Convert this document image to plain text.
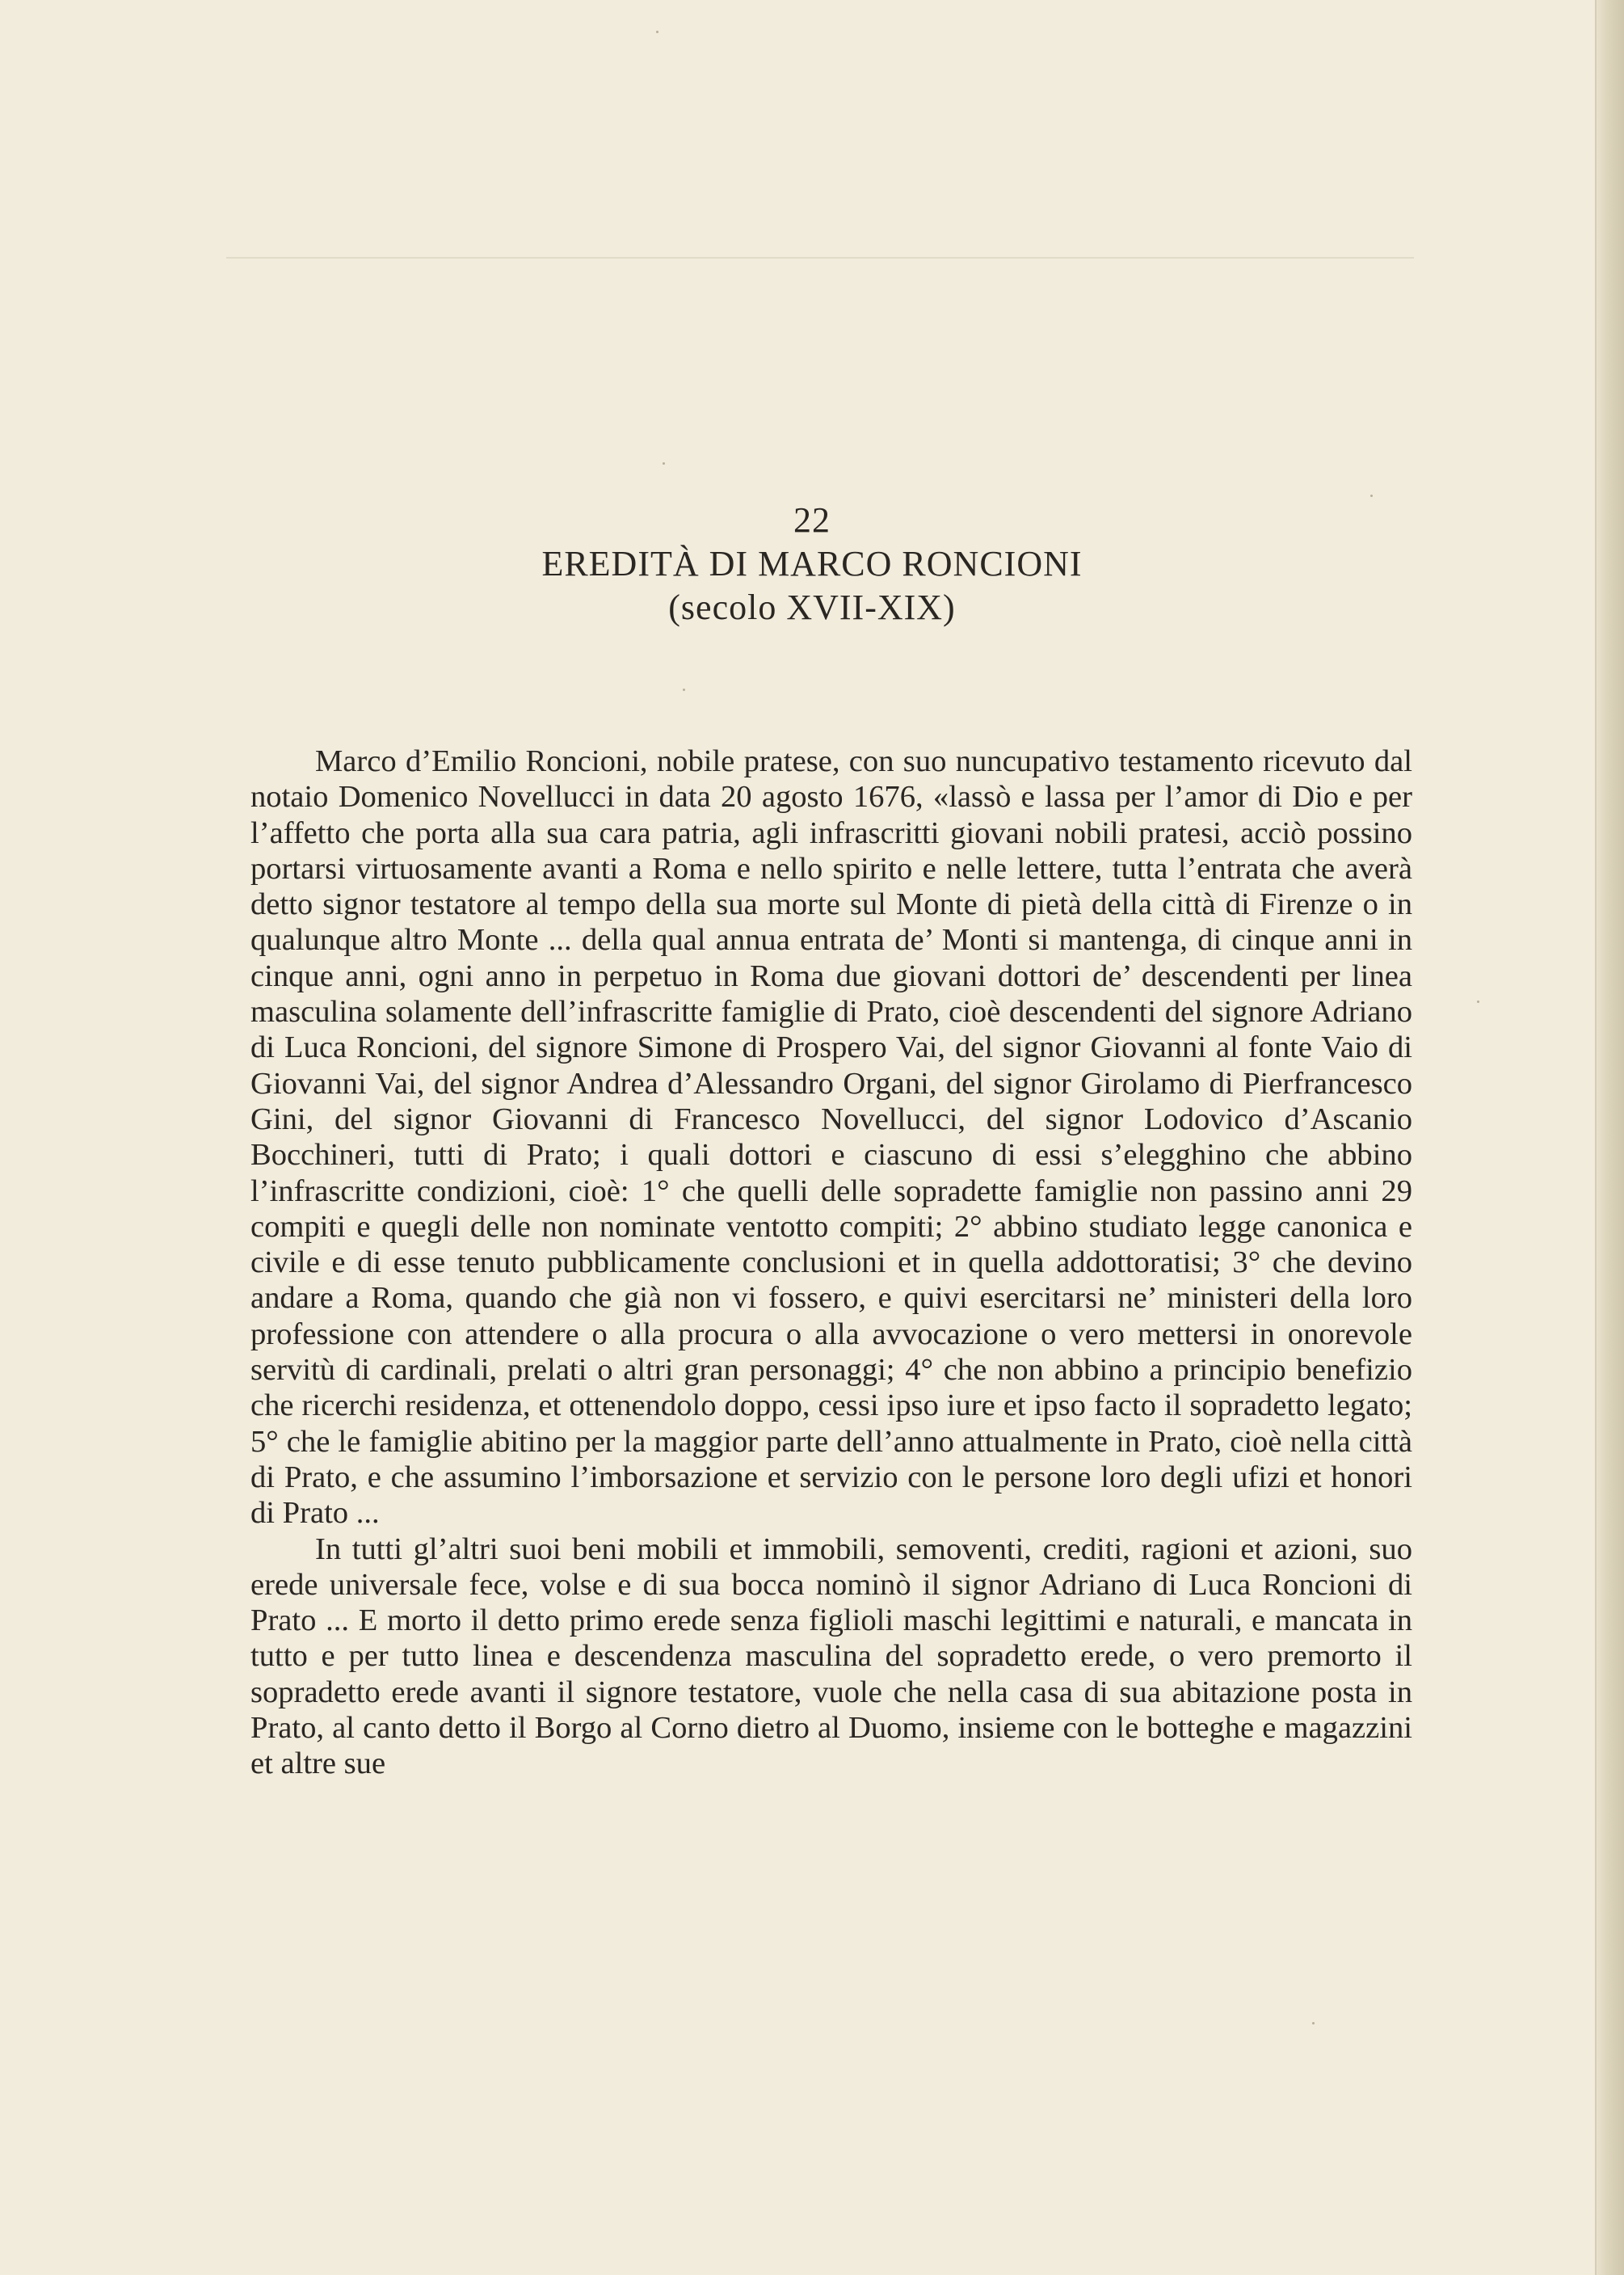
22
EREDITÀ DI MARCO RONCIONI
(secolo XVII-XIX)

Marco d’Emilio Roncioni, nobile pratese, con suo nuncupativo testamento ricevuto dal notaio Domenico Novellucci in data 20 agosto 1676, «lassò e lassa per l’amor di Dio e per l’affetto che porta alla sua cara patria, agli infrascritti giovani nobili pratesi, acciò possino portarsi virtuosamente avanti a Roma e nello spirito e nelle lettere, tutta l’entrata che averà detto signor testatore al tempo della sua morte sul Monte di pietà della città di Firenze o in qualunque altro Monte ... della qual annua entrata de’ Monti si mantenga, di cinque anni in cinque anni, ogni anno in perpetuo in Roma due giovani dottori de’ descendenti per linea masculina solamente dell’infrascritte famiglie di Prato, cioè descendenti del signore Adriano di Luca Roncioni, del signore Simone di Prospero Vai, del signor Giovanni al fonte Vaio di Giovanni Vai, del signor Andrea d’Alessandro Organi, del signor Girolamo di Pierfrancesco Gini, del signor Giovanni di Francesco Novellucci, del signor Lodovico d’Ascanio Bocchineri, tutti di Prato; i quali dottori e ciascuno di essi s’elegghino che abbino l’infrascritte condizioni, cioè: 1° che quelli delle sopradette famiglie non passino anni 29 compiti e quegli delle non nominate ventotto compiti; 2° abbino studiato legge canonica e civile e di esse tenuto pubblicamente conclusioni et in quella addottoratisi; 3° che devino andare a Roma, quando che già non vi fossero, e quivi esercitarsi ne’ ministeri della loro professione con attendere o alla procura o alla avvocazione o vero mettersi in onorevole servitù di cardinali, prelati o altri gran personaggi; 4° che non abbino a principio benefizio che ricerchi residenza, et ottenendolo doppo, cessi ipso iure et ipso facto il sopradetto legato; 5° che le famiglie abitino per la maggior parte dell’anno attualmente in Prato, cioè nella città di Prato, e che assumino l’imborsazione et servizio con le persone loro degli ufizi et honori di Prato ...

In tutti gl’altri suoi beni mobili et immobili, semoventi, crediti, ragioni et azioni, suo erede universale fece, volse e di sua bocca nominò il signor Adriano di Luca Roncioni di Prato ... E morto il detto primo erede senza figlioli maschi legittimi e naturali, e mancata in tutto e per tutto linea e descendenza masculina del sopradetto erede, o vero premorto il sopradetto erede avanti il signore testatore, vuole che nella casa di sua abitazione posta in Prato, al canto detto il Borgo al Corno dietro al Duomo, insieme con le botteghe e magazzini et altre sue
